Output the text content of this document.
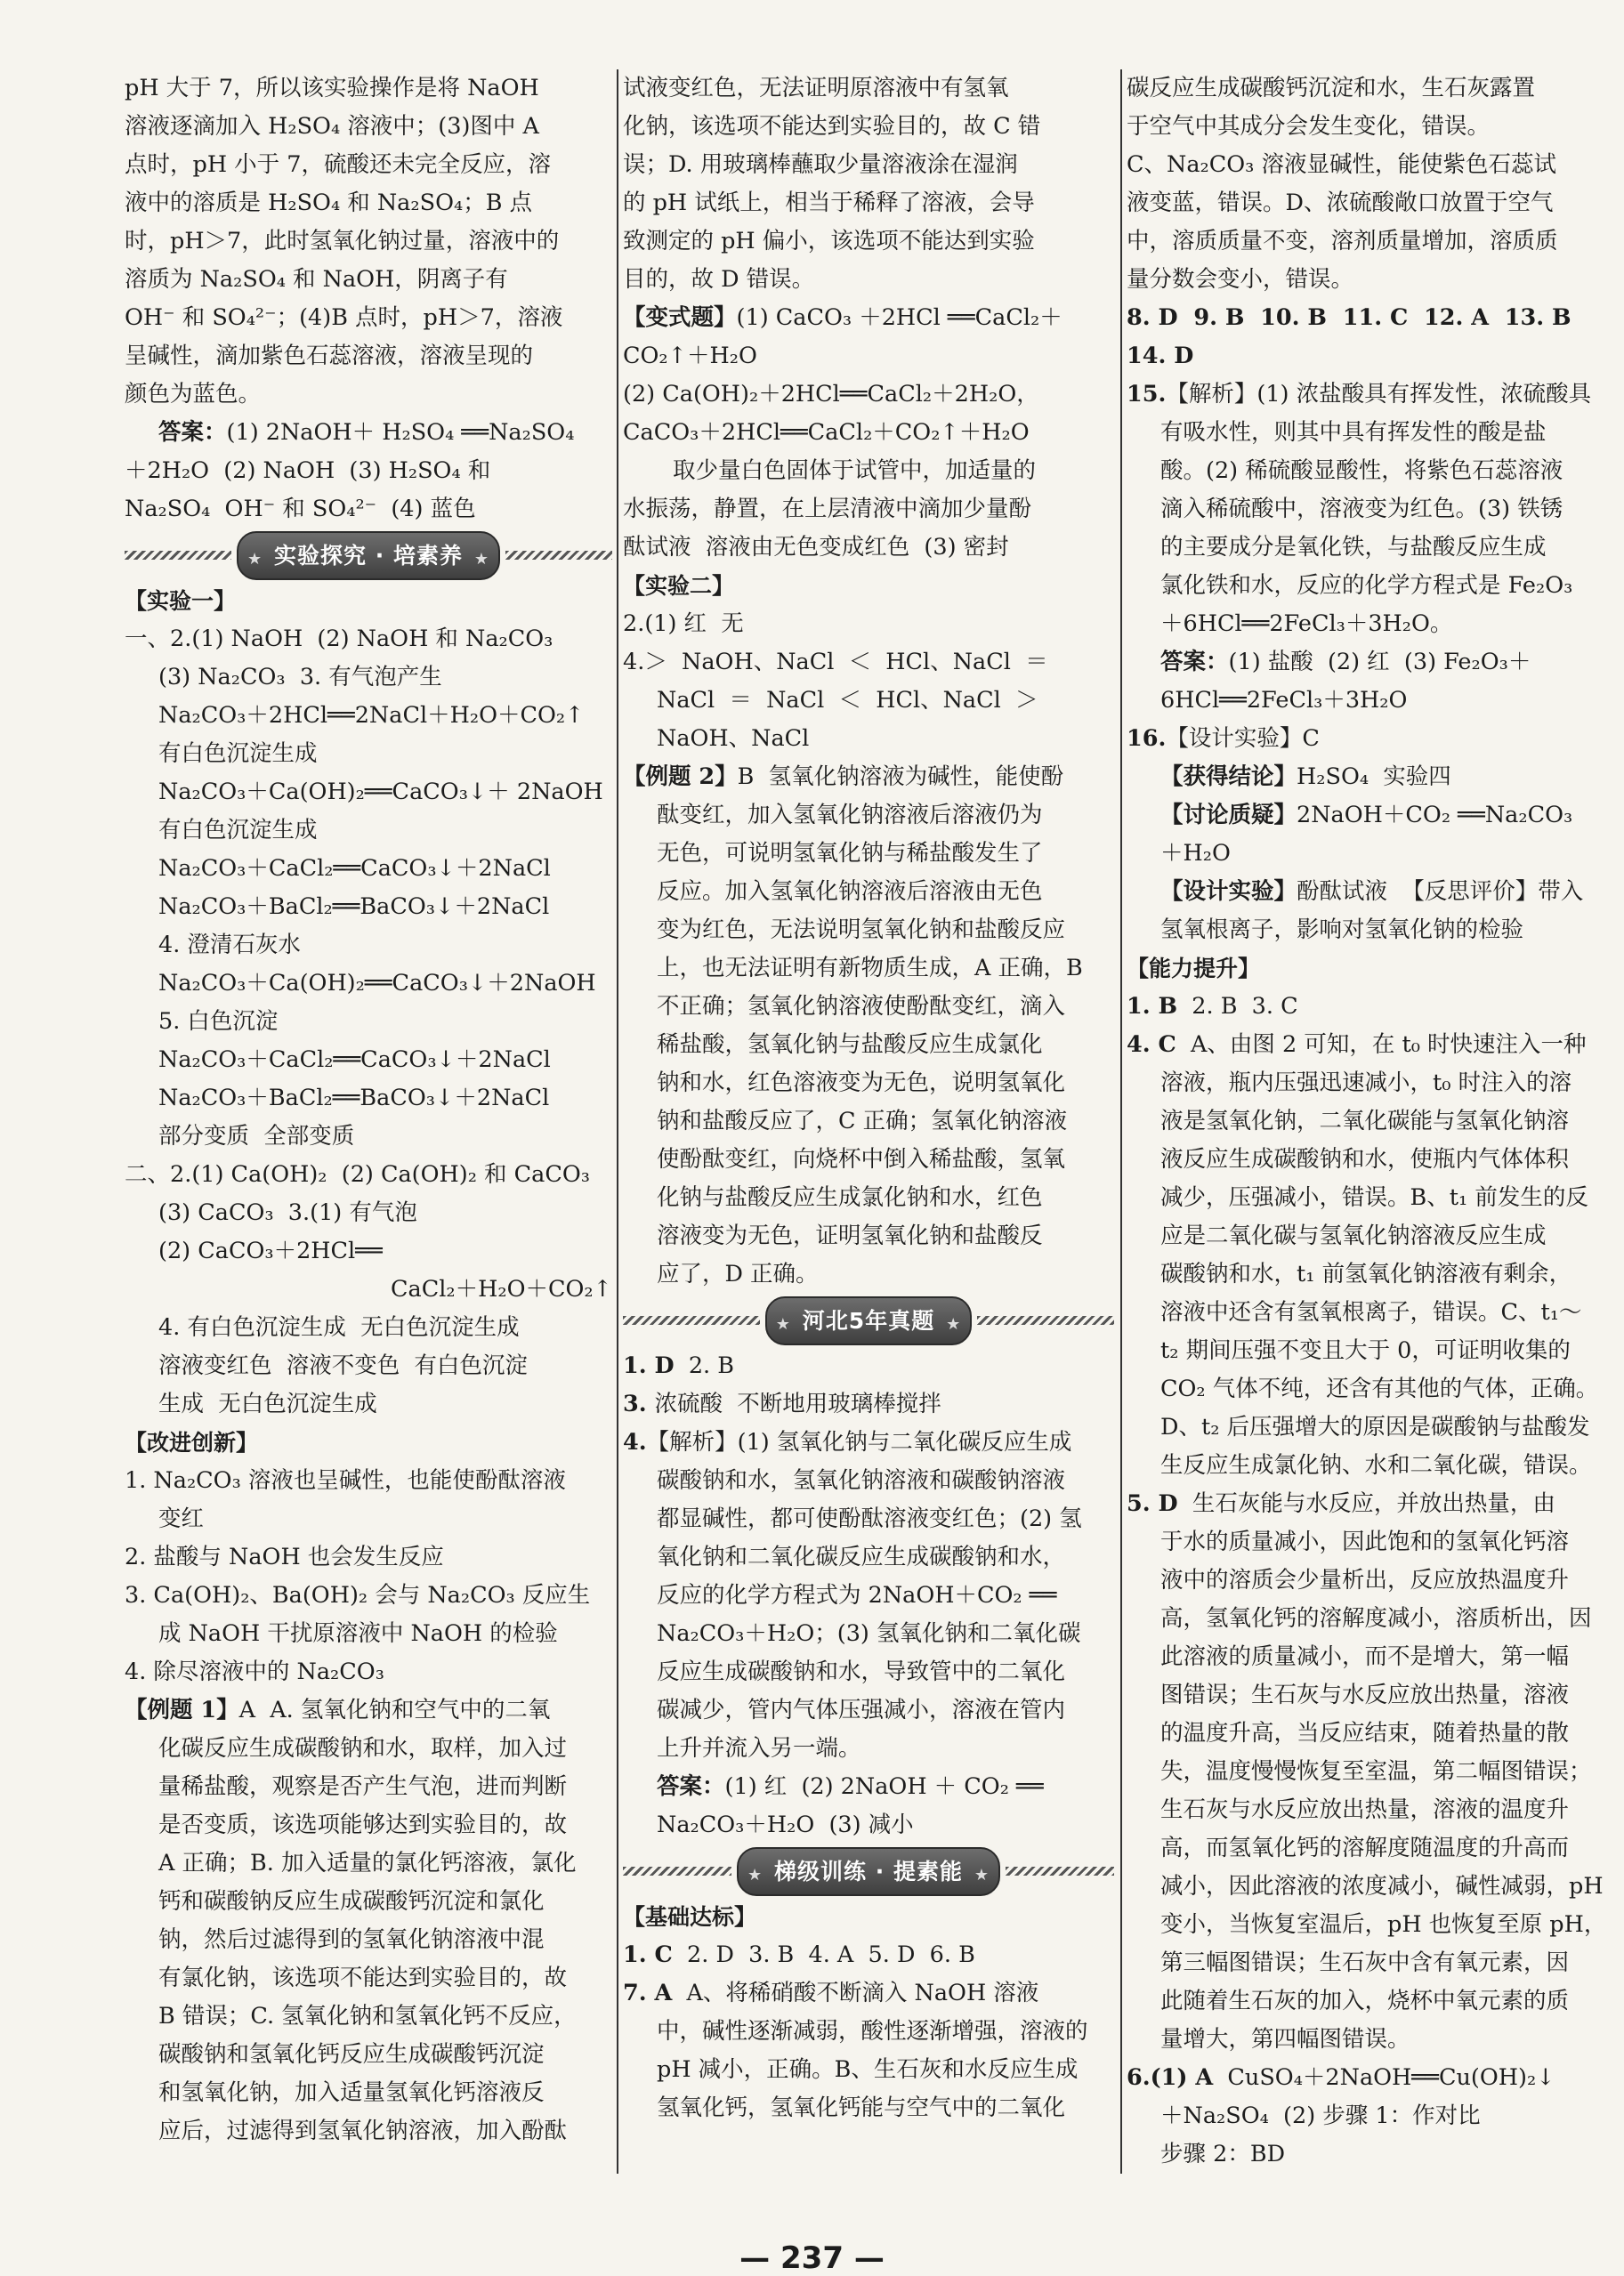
pH 大于 7，所以该实验操作是将 NaOH
溶液逐滴加入 H₂SO₄ 溶液中；(3)图中 A
点时，pH 小于 7，硫酸还未完全反应，溶
液中的溶质是 H₂SO₄ 和 Na₂SO₄；B 点
时，pH＞7，此时氢氧化钠过量，溶液中的
溶质为 Na₂SO₄ 和 NaOH，阴离子有
OH⁻ 和 SO₄²⁻；(4)B 点时，pH＞7，溶液
呈碱性，滴加紫色石蕊溶液，溶液呈现的
颜色为蓝色。
答案：(1) 2NaOH＋ H₂SO₄ ══Na₂SO₄
＋2H₂O  (2) NaOH  (3) H₂SO₄ 和
Na₂SO₄  OH⁻ 和 SO₄²⁻  (4) 蓝色
★ 实验探究 · 培素养 ★
【实验一】
一、2.(1) NaOH  (2) NaOH 和 Na₂CO₃
(3) Na₂CO₃  3. 有气泡产生
Na₂CO₃＋2HCl══2NaCl＋H₂O＋CO₂↑
有白色沉淀生成
Na₂CO₃＋Ca(OH)₂══CaCO₃↓＋ 2NaOH
有白色沉淀生成
Na₂CO₃＋CaCl₂══CaCO₃↓＋2NaCl
Na₂CO₃＋BaCl₂══BaCO₃↓＋2NaCl
4. 澄清石灰水
Na₂CO₃＋Ca(OH)₂══CaCO₃↓＋2NaOH
5. 白色沉淀
Na₂CO₃＋CaCl₂══CaCO₃↓＋2NaCl
Na₂CO₃＋BaCl₂══BaCO₃↓＋2NaCl
部分变质  全部变质
二、2.(1) Ca(OH)₂  (2) Ca(OH)₂ 和 CaCO₃
(3) CaCO₃  3.(1) 有气泡
(2) CaCO₃＋2HCl══
CaCl₂＋H₂O＋CO₂↑
4. 有白色沉淀生成  无白色沉淀生成
溶液变红色  溶液不变色  有白色沉淀
生成  无白色沉淀生成
【改进创新】
1. Na₂CO₃ 溶液也呈碱性，也能使酚酞溶液
变红
2. 盐酸与 NaOH 也会发生反应
3. Ca(OH)₂、Ba(OH)₂ 会与 Na₂CO₃ 反应生
成 NaOH 干扰原溶液中 NaOH 的检验
4. 除尽溶液中的 Na₂CO₃
【例题 1】A  A. 氢氧化钠和空气中的二氧
化碳反应生成碳酸钠和水，取样，加入过
量稀盐酸，观察是否产生气泡，进而判断
是否变质，该选项能够达到实验目的，故
A 正确；B. 加入适量的氯化钙溶液，氯化
钙和碳酸钠反应生成碳酸钙沉淀和氯化
钠，然后过滤得到的氢氧化钠溶液中混
有氯化钠，该选项不能达到实验目的，故
B 错误；C. 氢氧化钠和氢氧化钙不反应，
碳酸钠和氢氧化钙反应生成碳酸钙沉淀
和氢氧化钠，加入适量氢氧化钙溶液反
应后，过滤得到氢氧化钠溶液，加入酚酞
试液变红色，无法证明原溶液中有氢氧
化钠，该选项不能达到实验目的，故 C 错
误；D. 用玻璃棒蘸取少量溶液涂在湿润
的 pH 试纸上，相当于稀释了溶液，会导
致测定的 pH 偏小，该选项不能达到实验
目的，故 D 错误。
【变式题】(1) CaCO₃ ＋2HCl ══CaCl₂＋
CO₂↑＋H₂O
(2) Ca(OH)₂＋2HCl══CaCl₂＋2H₂O，
CaCO₃＋2HCl══CaCl₂＋CO₂↑＋H₂O
取少量白色固体于试管中，加适量的
水振荡，静置，在上层清液中滴加少量酚
酞试液  溶液由无色变成红色  (3) 密封
【实验二】
2.(1) 红  无
4.＞  NaOH、NaCl  ＜  HCl、NaCl  ＝
NaCl  ＝  NaCl  ＜  HCl、NaCl  ＞
NaOH、NaCl
【例题 2】B  氢氧化钠溶液为碱性，能使酚
酞变红，加入氢氧化钠溶液后溶液仍为
无色，可说明氢氧化钠与稀盐酸发生了
反应。加入氢氧化钠溶液后溶液由无色
变为红色，无法说明氢氧化钠和盐酸反应
上，也无法证明有新物质生成，A 正确，B
不正确；氢氧化钠溶液使酚酞变红，滴入
稀盐酸，氢氧化钠与盐酸反应生成氯化
钠和水，红色溶液变为无色，说明氢氧化
钠和盐酸反应了，C 正确；氢氧化钠溶液
使酚酞变红，向烧杯中倒入稀盐酸，氢氧
化钠与盐酸反应生成氯化钠和水，红色
溶液变为无色，证明氢氧化钠和盐酸反
应了，D 正确。
★ 河北5年真题 ★
1. D  2. B
3. 浓硫酸  不断地用玻璃棒搅拌
4.【解析】(1) 氢氧化钠与二氧化碳反应生成
碳酸钠和水，氢氧化钠溶液和碳酸钠溶液
都显碱性，都可使酚酞溶液变红色；(2) 氢
氧化钠和二氧化碳反应生成碳酸钠和水，
反应的化学方程式为 2NaOH＋CO₂ ══
Na₂CO₃＋H₂O；(3) 氢氧化钠和二氧化碳
反应生成碳酸钠和水，导致管中的二氧化
碳减少，管内气体压强减小，溶液在管内
上升并流入另一端。
答案：(1) 红  (2) 2NaOH ＋ CO₂ ══
Na₂CO₃＋H₂O  (3) 减小
★ 梯级训练 · 提素能 ★
【基础达标】
1. C  2. D  3. B  4. A  5. D  6. B
7. A  A、将稀硝酸不断滴入 NaOH 溶液
中，碱性逐渐减弱，酸性逐渐增强，溶液的
pH 减小，正确。B、生石灰和水反应生成
氢氧化钙，氢氧化钙能与空气中的二氧化
碳反应生成碳酸钙沉淀和水，生石灰露置
于空气中其成分会发生变化，错误。
C、Na₂CO₃ 溶液显碱性，能使紫色石蕊试
液变蓝，错误。D、浓硫酸敞口放置于空气
中，溶质质量不变，溶剂质量增加，溶质质
量分数会变小，错误。
8. D  9. B  10. B  11. C  12. A  13. B
14. D
15.【解析】(1) 浓盐酸具有挥发性，浓硫酸具
有吸水性，则其中具有挥发性的酸是盐
酸。(2) 稀硫酸显酸性，将紫色石蕊溶液
滴入稀硫酸中，溶液变为红色。(3) 铁锈
的主要成分是氧化铁，与盐酸反应生成
氯化铁和水，反应的化学方程式是 Fe₂O₃
＋6HCl══2FeCl₃＋3H₂O。
答案：(1) 盐酸  (2) 红  (3) Fe₂O₃＋
6HCl══2FeCl₃＋3H₂O
16.【设计实验】C
【获得结论】H₂SO₄  实验四
【讨论质疑】2NaOH＋CO₂ ══Na₂CO₃
＋H₂O
【设计实验】酚酞试液  【反思评价】带入
氢氧根离子，影响对氢氧化钠的检验
【能力提升】
1. B  2. B  3. C
4. C  A、由图 2 可知，在 t₀ 时快速注入一种
溶液，瓶内压强迅速减小，t₀ 时注入的溶
液是氢氧化钠，二氧化碳能与氢氧化钠溶
液反应生成碳酸钠和水，使瓶内气体体积
减少，压强减小，错误。B、t₁ 前发生的反
应是二氧化碳与氢氧化钠溶液反应生成
碳酸钠和水，t₁ 前氢氧化钠溶液有剩余，
溶液中还含有氢氧根离子，错误。C、t₁～
t₂ 期间压强不变且大于 0，可证明收集的
CO₂ 气体不纯，还含有其他的气体，正确。
D、t₂ 后压强增大的原因是碳酸钠与盐酸发
生反应生成氯化钠、水和二氧化碳，错误。
5. D  生石灰能与水反应，并放出热量，由
于水的质量减小，因此饱和的氢氧化钙溶
液中的溶质会少量析出，反应放热温度升
高，氢氧化钙的溶解度减小，溶质析出，因
此溶液的质量减小，而不是增大，第一幅
图错误；生石灰与水反应放出热量，溶液
的温度升高，当反应结束，随着热量的散
失，温度慢慢恢复至室温，第二幅图错误；
生石灰与水反应放出热量，溶液的温度升
高，而氢氧化钙的溶解度随温度的升高而
减小，因此溶液的浓度减小，碱性减弱，pH
变小，当恢复室温后，pH 也恢复至原 pH，
第三幅图错误；生石灰中含有氧元素，因
此随着生石灰的加入，烧杯中氧元素的质
量增大，第四幅图错误。
6.(1) A  CuSO₄＋2NaOH══Cu(OH)₂↓
＋Na₂SO₄  (2) 步骤 1：作对比
步骤 2：BD
— 237 —
